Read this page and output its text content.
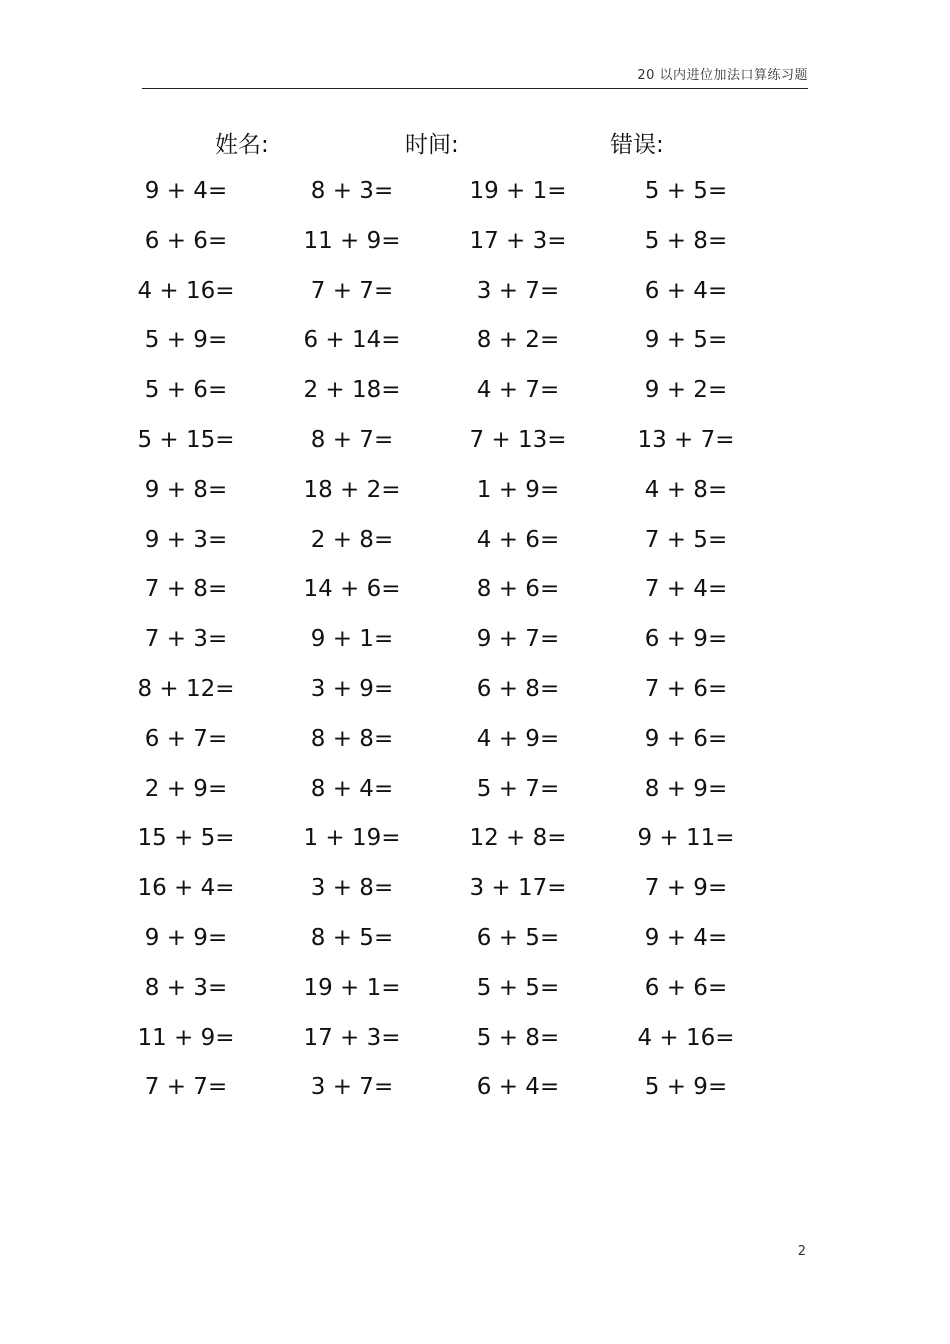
20 以内进位加法口算练习题
姓名:	时间:	错误:
9 + 4=	8 + 3=	19 + 1=	5 + 5=
6 + 6=	11 + 9=	17 + 3=	5 + 8=
4 + 16=	7 + 7=	3 + 7=	6 + 4=
5 + 9=	6 + 14=	8 + 2=	9 + 5=
5 + 6=	2 + 18=	4 + 7=	9 + 2=
5 + 15=	8 + 7=	7 + 13=	13 + 7=
9 + 8=	18 + 2=	1 + 9=	4 + 8=
9 + 3=	2 + 8=	4 + 6=	7 + 5=
7 + 8=	14 + 6=	8 + 6=	7 + 4=
7 + 3=	9 + 1=	9 + 7=	6 + 9=
8 + 12=	3 + 9=	6 + 8=	7 + 6=
6 + 7=	8 + 8=	4 + 9=	9 + 6=
2 + 9=	8 + 4=	5 + 7=	8 + 9=
15 + 5=	1 + 19=	12 + 8=	9 + 11=
16 + 4=	3 + 8=	3 + 17=	7 + 9=
9 + 9=	8 + 5=	6 + 5=	9 + 4=
8 + 3=	19 + 1=	5 + 5=	6 + 6=
11 + 9=	17 + 3=	5 + 8=	4 + 16=
7 + 7=	3 + 7=	6 + 4=	5 + 9=
2
